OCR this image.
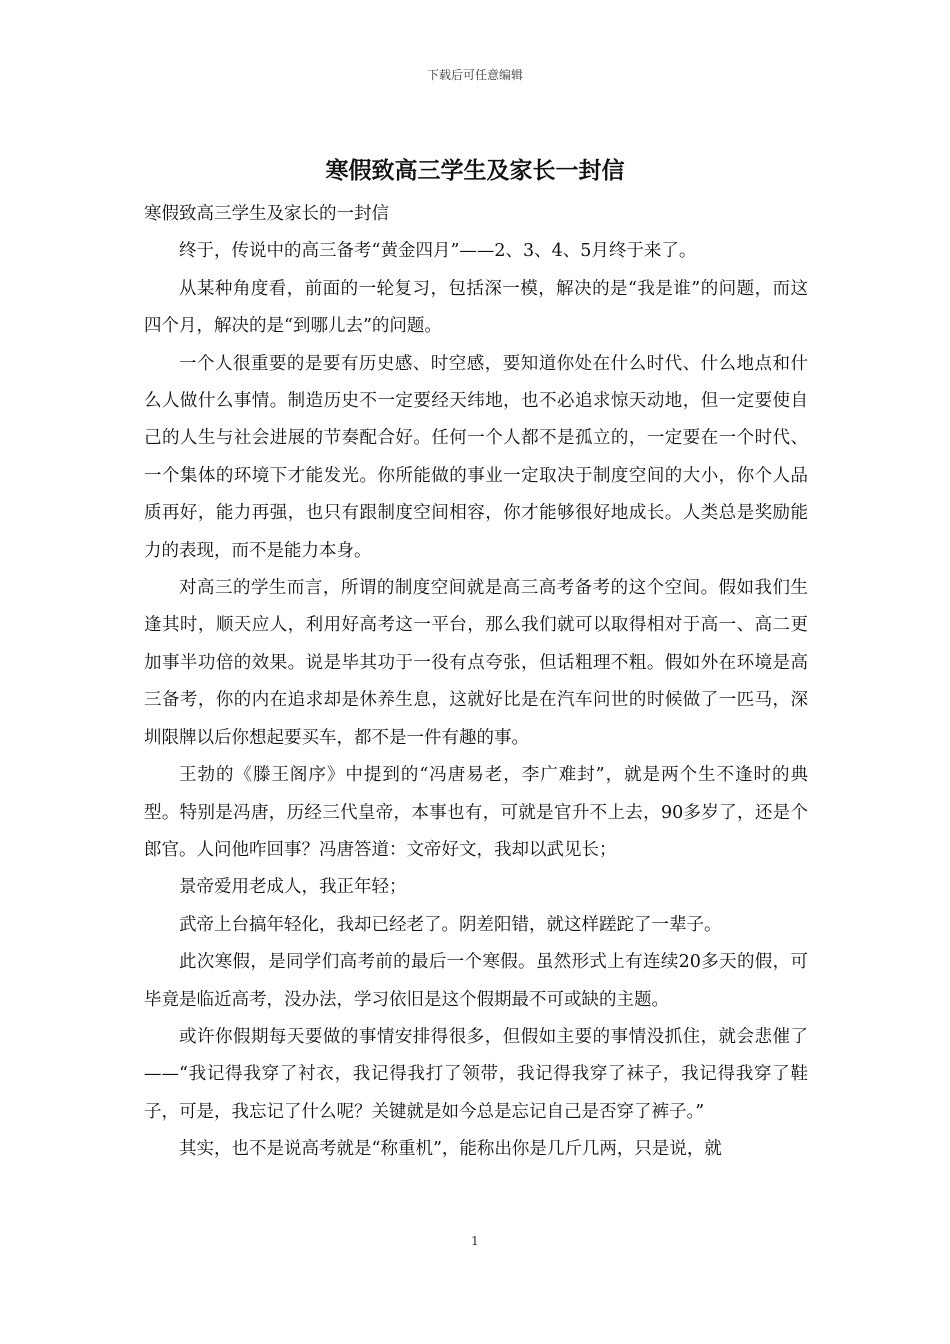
下载后可任意编辑
寒假致高三学生及家长一封信

寒假致高三学生及家长的一封信

终于，传说中的高三备考“黄金四月”——2、3、4、5月终于来了。

从某种角度看，前面的一轮复习，包括深一模，解决的是“我是谁”的问题，而这四个月，解决的是“到哪儿去”的问题。

一个人很重要的是要有历史感、时空感，要知道你处在什么时代、什么地点和什么人做什么事情。制造历史不一定要经天纬地，也不必追求惊天动地，但一定要使自己的人生与社会进展的节奏配合好。任何一个人都不是孤立的，一定要在一个时代、一个集体的环境下才能发光。你所能做的事业一定取决于制度空间的大小，你个人品质再好，能力再强，也只有跟制度空间相容，你才能够很好地成长。人类总是奖励能力的表现，而不是能力本身。

对高三的学生而言，所谓的制度空间就是高三高考备考的这个空间。假如我们生逢其时，顺天应人，利用好高考这一平台，那么我们就可以取得相对于高一、高二更加事半功倍的效果。说是毕其功于一役有点夸张，但话粗理不粗。假如外在环境是高三备考，你的内在追求却是休养生息，这就好比是在汽车问世的时候做了一匹马，深圳限牌以后你想起要买车，都不是一件有趣的事。

王勃的《滕王阁序》中提到的“冯唐易老，李广难封”，就是两个生不逢时的典型。特别是冯唐，历经三代皇帝，本事也有，可就是官升不上去，90多岁了，还是个郎官。人问他咋回事？冯唐答道：文帝好文，我却以武见长；

景帝爱用老成人，我正年轻；

武帝上台搞年轻化，我却已经老了。阴差阳错，就这样蹉跎了一辈子。

此次寒假，是同学们高考前的最后一个寒假。虽然形式上有连续20多天的假，可毕竟是临近高考，没办法，学习依旧是这个假期最不可或缺的主题。

或许你假期每天要做的事情安排得很多，但假如主要的事情没抓住，就会悲催了——“我记得我穿了衬衣，我记得我打了领带，我记得我穿了袜子，我记得我穿了鞋子，可是，我忘记了什么呢？关键就是如今总是忘记自己是否穿了裤子。”

其实，也不是说高考就是“称重机”，能称出你是几斤几两，只是说，就

1
